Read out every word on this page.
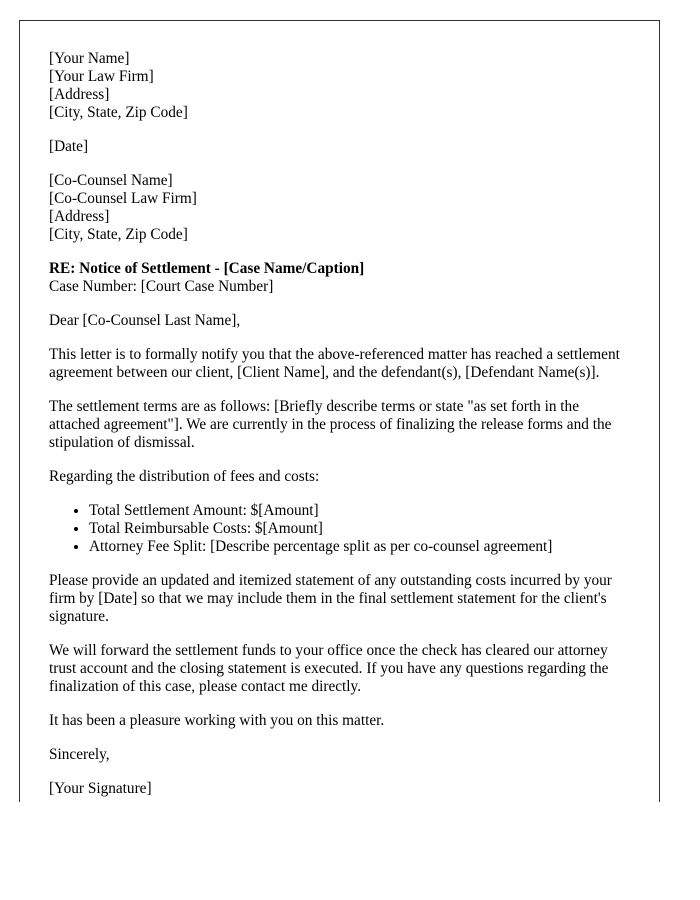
[Your Name]
[Your Law Firm]
[Address]
[City, State, Zip Code]
[Date]
[Co-Counsel Name]
[Co-Counsel Law Firm]
[Address]
[City, State, Zip Code]
RE: Notice of Settlement - [Case Name/Caption]
Case Number: [Court Case Number]

Dear [Co-Counsel Last Name],

This letter is to formally notify you that the above-referenced matter has reached a settlement agreement between our client, [Client Name], and the defendant(s), [Defendant Name(s)].

The settlement terms are as follows: [Briefly describe terms or state "as set forth in the attached agreement"]. We are currently in the process of finalizing the release forms and the stipulation of dismissal.

Regarding the distribution of fees and costs:

• Total Settlement Amount: $[Amount]
• Total Reimbursable Costs: $[Amount]
• Attorney Fee Split: [Describe percentage split as per co-counsel agreement]

Please provide an updated and itemized statement of any outstanding costs incurred by your firm by [Date] so that we may include them in the final settlement statement for the client's signature.

We will forward the settlement funds to your office once the check has cleared our attorney trust account and the closing statement is executed. If you have any questions regarding the finalization of this case, please contact me directly.

It has been a pleasure working with you on this matter.

Sincerely,

[Your Signature]
